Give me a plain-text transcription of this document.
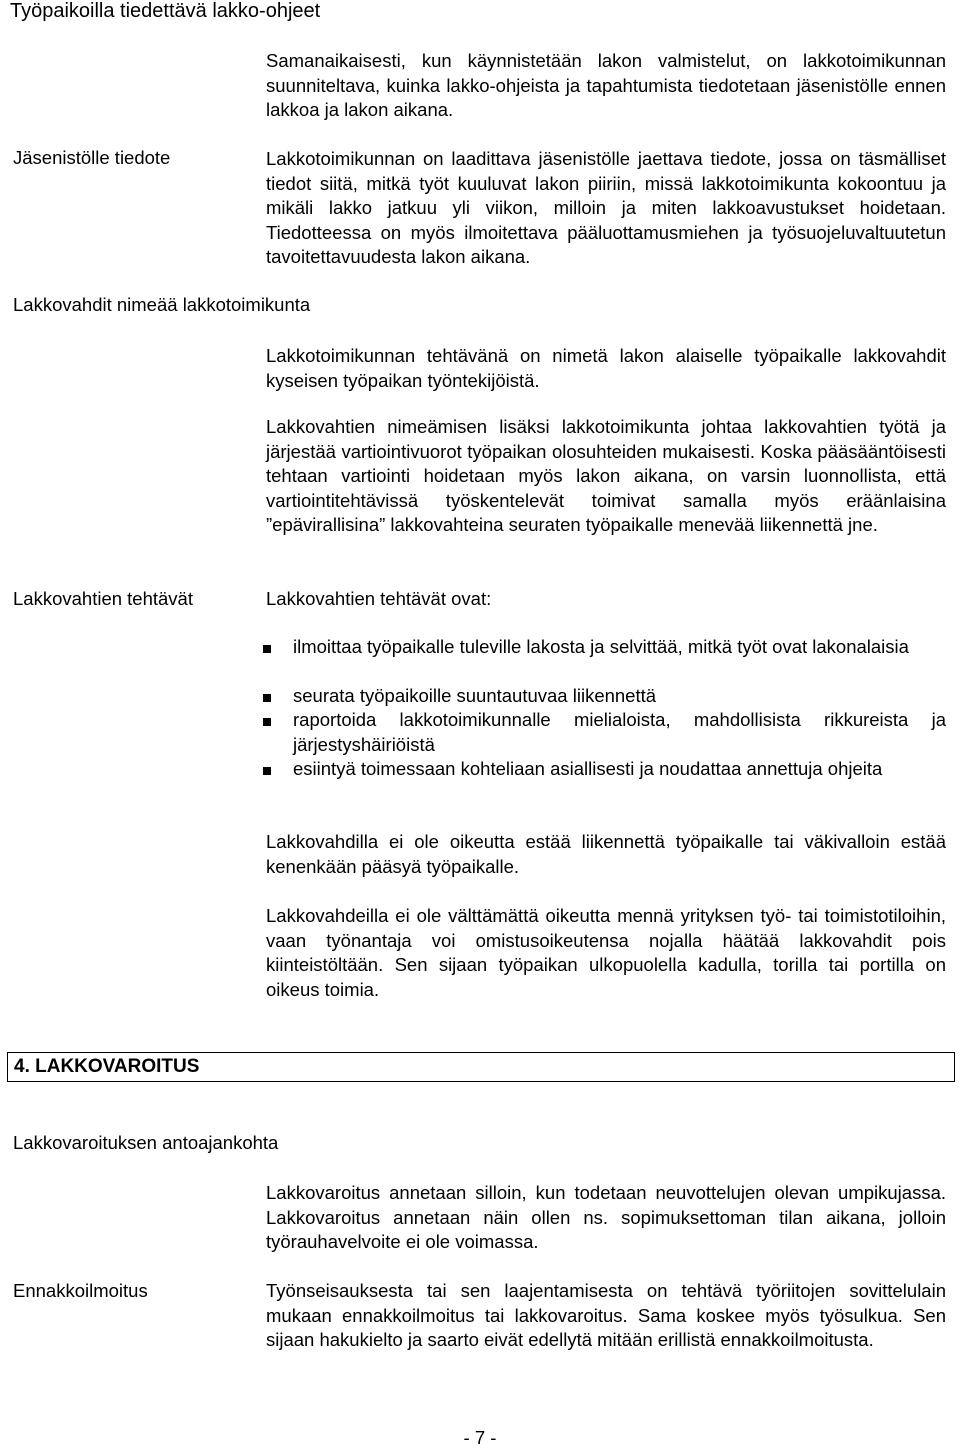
Työpaikoilla tiedettävä lakko-ohjeet
Samanaikaisesti, kun käynnistetään lakon valmistelut, on lakkotoimikunnan suunniteltava, kuinka lakko-ohjeista ja tapahtumista tiedotetaan jäsenistölle ennen lakkoa ja lakon aikana.
Jäsenistölle tiedote	Lakkotoimikunnan on laadittava jäsenistölle jaettava tiedote, jossa on täsmälliset tiedot siitä, mitkä työt kuuluvat lakon piiriin, missä lakkotoimikunta kokoontuu ja mikäli lakko jatkuu yli viikon, milloin ja miten lakkoavustukset hoidetaan. Tiedotteessa on myös ilmoitettava pääluottamusmiehen ja työsuojeluvaltuutetun tavoitettavuudesta lakon aikana.
Lakkovahdit nimeää lakkotoimikunta
Lakkotoimikunnan tehtävänä on nimetä lakon alaiselle työpaikalle lakkovahdit kyseisen työpaikan työntekijöistä.
Lakkovahtien nimeämisen lisäksi lakkotoimikunta johtaa lakkovahtien työtä ja järjestää vartiointivuorot työpaikan olosuhteiden mukaisesti. Koska pääsääntöisesti tehtaan vartiointi hoidetaan myös lakon aikana, on varsin luonnollista, että vartiointitehtävissä työskentelevät toimivat samalla myös eräänlaisina ”epävirallisina” lakkovahteina seuraten työpaikalle menevää liikennettä jne.
Lakkovahtien tehtävät	Lakkovahtien tehtävät ovat:
ilmoittaa työpaikalle tuleville lakosta ja selvittää, mitkä työt ovat lakonalaisia
seurata työpaikoille suuntautuvaa liikennettä
raportoida lakkotoimikunnalle mielialoista, mahdollisista rikkureista ja järjestyshäiriöistä
esiintyä toimessaan kohteliaan asiallisesti ja noudattaa annettuja ohjeita
Lakkovahdilla ei ole oikeutta estää liikennettä työpaikalle tai väkivalloin estää kenenkään pääsyä työpaikalle.
Lakkovahdeilla ei ole välttämättä oikeutta mennä yrityksen työ- tai toimistotiloihin, vaan työnantaja voi omistusoikeutensa nojalla häätää lakkovahdit pois kiinteistöltään. Sen sijaan työpaikan ulkopuolella kadulla, torilla tai portilla on oikeus toimia.
4. LAKKOVAROITUS
Lakkovaroituksen antoajankohta
Lakkovaroitus annetaan silloin, kun todetaan neuvottelujen olevan umpikujassa. Lakkovaroitus annetaan näin ollen ns. sopimuksettoman tilan aikana, jolloin työrauhavelvoite ei ole voimassa.
Ennakkoilmoitus	Työnseisauksesta tai sen laajentamisesta on tehtävä työriitojen sovittelulain mukaan ennakkoilmoitus tai lakkovaroitus. Sama koskee myös työsulkua. Sen sijaan hakukielto ja saarto eivät edellytä mitään erillistä ennakkoilmoitusta.
- 7 -
